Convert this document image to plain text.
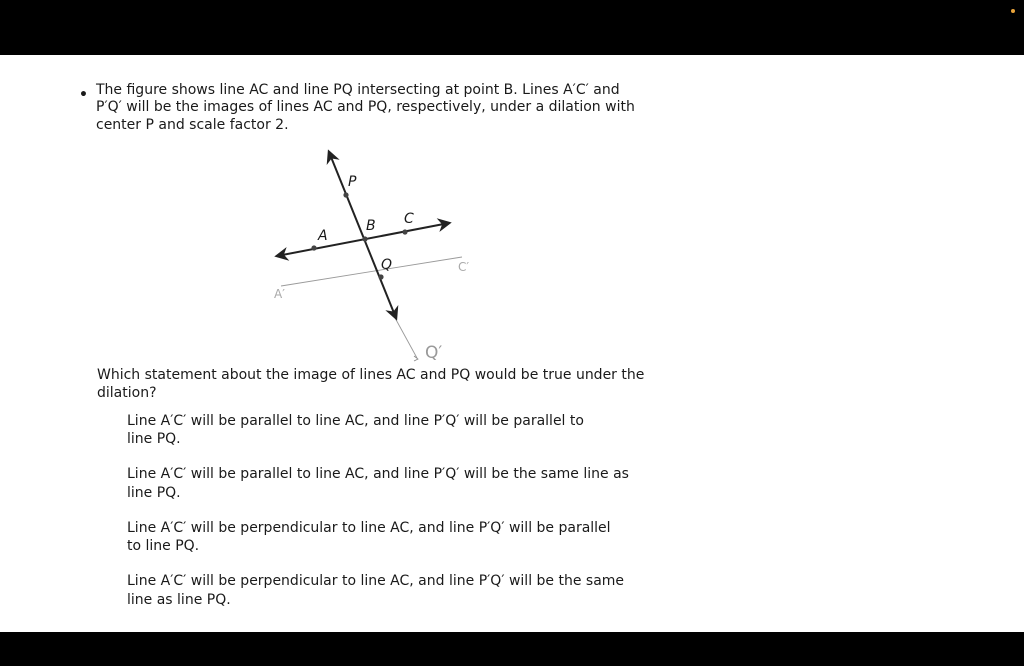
• The figure shows line AC and line PQ intersecting at point B. Lines A′C′ and
P′Q′ will be the images of lines AC and PQ, respectively, under a dilation with
center P and scale factor 2.
P
A
B C
Q
A′
C′
Q′
Which statement about the image of lines AC and PQ would be true under the
dilation?
Line A′C′ will be parallel to line AC, and line P′Q′ will be parallel to
line PQ.
Line A′C′ will be parallel to line AC, and line P′Q′ will be the same line as
line PQ.
Line A′C′ will be perpendicular to line AC, and line P′Q′ will be parallel
to line PQ.
Line A′C′ will be perpendicular to line AC, and line P′Q′ will be the same
line as line PQ.
